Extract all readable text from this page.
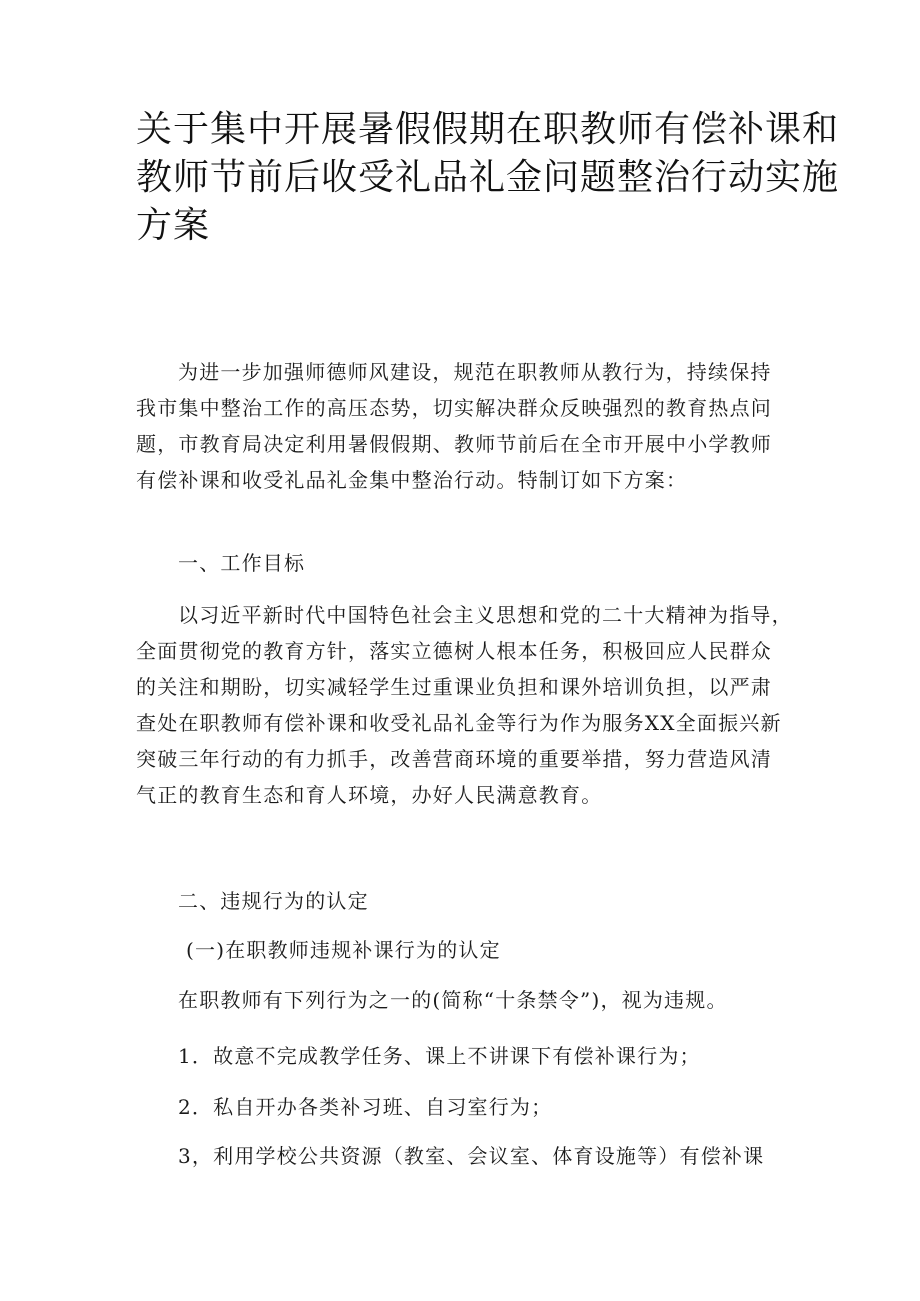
关于集中开展暑假假期在职教师有偿补课和
教师节前后收受礼品礼金问题整治行动实施
方案

为进一步加强师德师风建设，规范在职教师从教行为，持续保持
我市集中整治工作的高压态势，切实解决群众反映强烈的教育热点问
题，市教育局决定利用暑假假期、教师节前后在全市开展中小学教师
有偿补课和收受礼品礼金集中整治行动。特制订如下方案：

一、工作目标

以习近平新时代中国特色社会主义思想和党的二十大精神为指导，
全面贯彻党的教育方针，落实立德树人根本任务，积极回应人民群众
的关注和期盼，切实减轻学生过重课业负担和课外培训负担，以严肃
查处在职教师有偿补课和收受礼品礼金等行为作为服务XX全面振兴新
突破三年行动的有力抓手，改善营商环境的重要举措，努力营造风清
气正的教育生态和育人环境，办好人民满意教育。

二、违规行为的认定

(一)在职教师违规补课行为的认定

在职教师有下列行为之一的(简称“十条禁令”)，视为违规。

1．故意不完成教学任务、课上不讲课下有偿补课行为；

2．私自开办各类补习班、自习室行为；

3，利用学校公共资源（教室、会议室、体育设施等）有偿补课
